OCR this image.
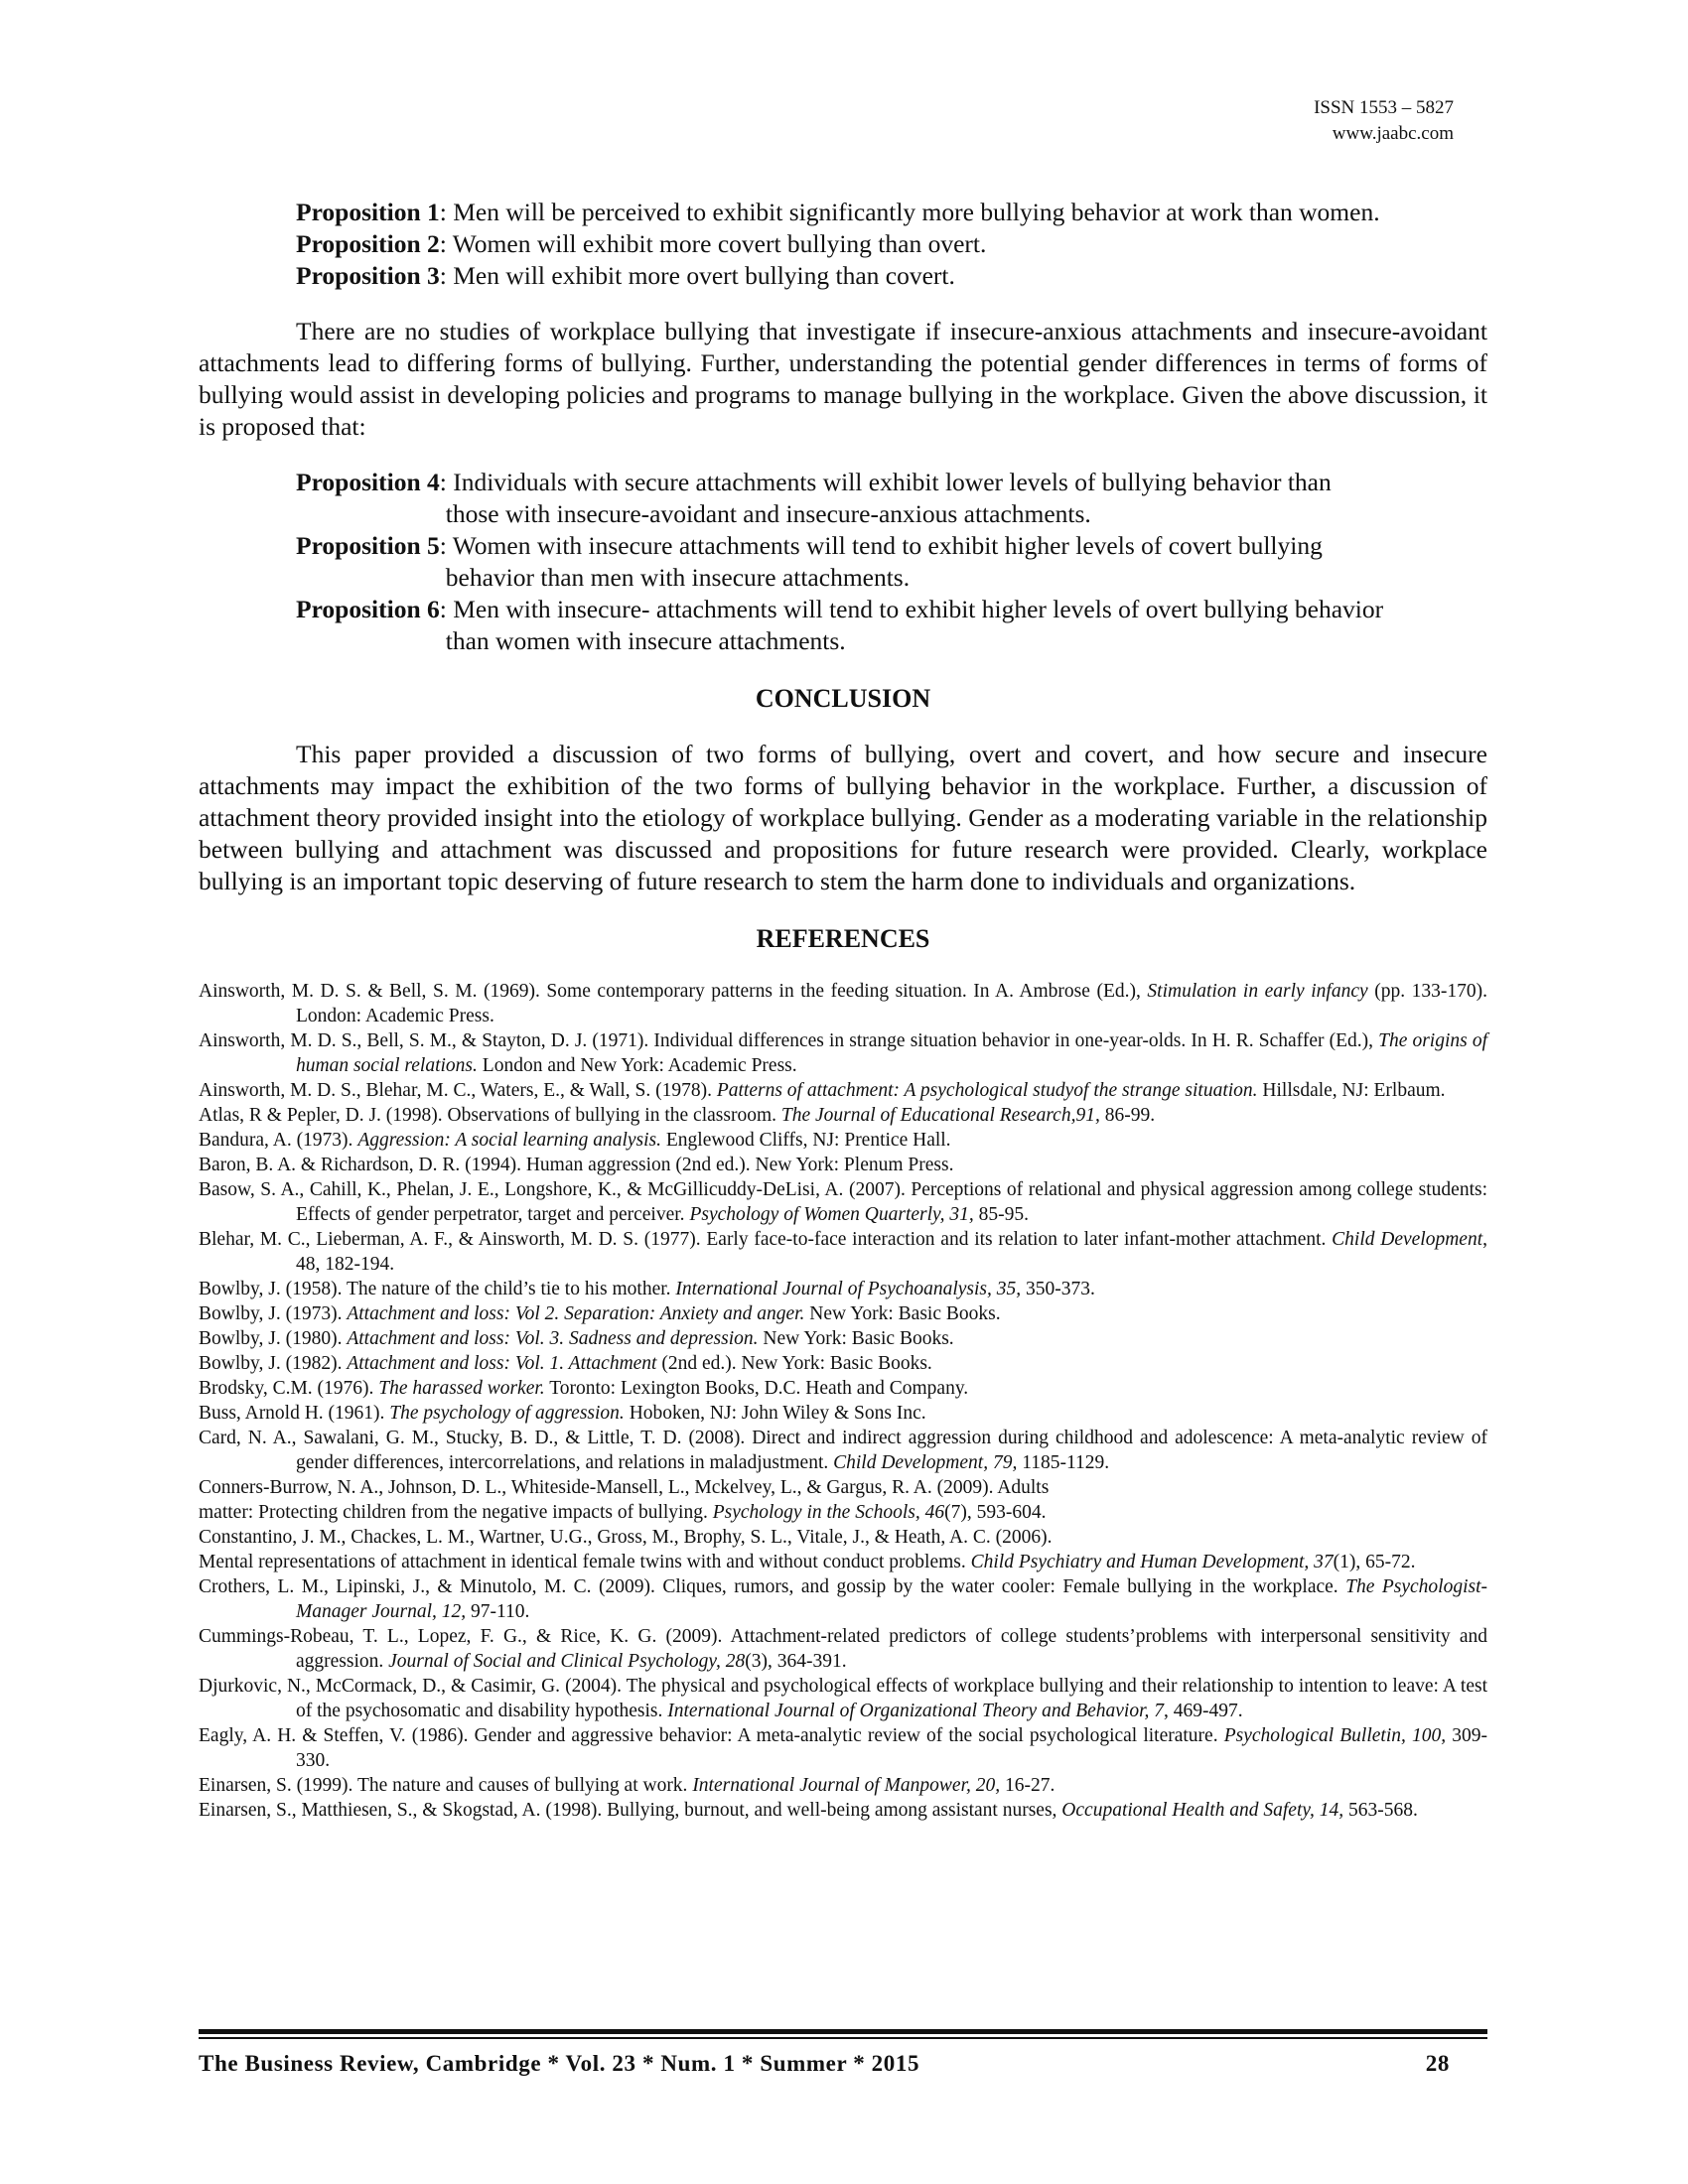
ISSN 1553 – 5827
www.jaabc.com
Proposition 1: Men will be perceived to exhibit significantly more bullying behavior at work than women.
Proposition 2: Women will exhibit more covert bullying than overt.
Proposition 3: Men will exhibit more overt bullying than covert.

There are no studies of workplace bullying that investigate if insecure-anxious attachments and insecure-avoidant attachments lead to differing forms of bullying. Further, understanding the potential gender differences in terms of forms of bullying would assist in developing policies and programs to manage bullying in the workplace. Given the above discussion, it is proposed that:

Proposition 4 : Individuals with secure attachments will exhibit lower levels of bullying behavior than
those with insecure-avoidant and insecure-anxious attachments.
Proposition 5 : Women with insecure attachments will tend to exhibit higher levels of covert bullying
behavior than men with insecure attachments.
Proposition 6 : Men with insecure- attachments will tend to exhibit higher levels of overt bullying behavior
than women with insecure attachments.
CONCLUSION

This paper provided a discussion of two forms of bullying, overt and covert, and how secure and insecure attachments may impact the exhibition of the two forms of bullying behavior in the workplace. Further, a discussion of attachment theory provided insight into the etiology of workplace bullying. Gender as a moderating variable in the relationship between bullying and attachment was discussed and propositions for future research were provided. Clearly, workplace bullying is an important topic deserving of future research to stem the harm done to individuals and organizations.

REFERENCES
Ainsworth, M. D. S. & Bell, S. M. (1969). Some contemporary patterns in the feeding situation. In A. Ambrose (Ed.), Stimulation in early infancy (pp. 133-170). London: Academic Press.
Ainsworth, M. D. S., Bell, S. M., & Stayton, D. J. (1971). Individual differences in strange situation behavior in one-year-olds. In H. R. Schaffer (Ed.), The origins of human social relations. London and New York: Academic Press.
Ainsworth, M. D. S., Blehar, M. C., Waters, E., & Wall, S. (1978). Patterns of attachment: A psychological studyof the strange situation. Hillsdale, NJ: Erlbaum.
Atlas, R & Pepler, D. J. (1998). Observations of bullying in the classroom. The Journal of Educational Research,91, 86-99.
Bandura, A. (1973). Aggression: A social learning analysis. Englewood Cliffs, NJ: Prentice Hall.
Baron, B. A. & Richardson, D. R. (1994). Human aggression (2nd ed.). New York: Plenum Press.
Basow, S. A., Cahill, K., Phelan, J. E., Longshore, K., & McGillicuddy-DeLisi, A. (2007). Perceptions of relational and physical aggression among college students: Effects of gender perpetrator, target and perceiver. Psychology of Women Quarterly, 31, 85-95.
Blehar, M. C., Lieberman, A. F., & Ainsworth, M. D. S. (1977). Early face-to-face interaction and its relation to later infant-mother attachment. Child Development, 48, 182-194.
Bowlby, J. (1958). The nature of the child’s tie to his mother. International Journal of Psychoanalysis, 35, 350-373.
Bowlby, J. (1973). Attachment and loss: Vol 2. Separation: Anxiety and anger. New York: Basic Books.
Bowlby, J. (1980). Attachment and loss: Vol. 3. Sadness and depression. New York: Basic Books.
Bowlby, J. (1982). Attachment and loss: Vol. 1. Attachment (2nd ed.). New York: Basic Books.
Brodsky, C.M. (1976). The harassed worker. Toronto: Lexington Books, D.C. Heath and Company.
Buss, Arnold H. (1961). The psychology of aggression. Hoboken, NJ: John Wiley & Sons Inc.
Card, N. A., Sawalani, G. M., Stucky, B. D., & Little, T. D. (2008). Direct and indirect aggression during childhood and adolescence: A meta-analytic review of gender differences, intercorrelations, and relations in maladjustment. Child Development, 79, 1185-1129.
Conners-Burrow, N. A., Johnson, D. L., Whiteside-Mansell, L., Mckelvey, L., & Gargus, R. A. (2009). Adults
matter: Protecting children from the negative impacts of bullying. Psychology in the Schools, 46(7), 593-604.
Constantino, J. M., Chackes, L. M., Wartner, U.G., Gross, M., Brophy, S. L., Vitale, J., & Heath, A. C. (2006).
Mental representations of attachment in identical female twins with and without conduct problems. Child Psychiatry and Human Development, 37(1), 65-72.
Crothers, L. M., Lipinski, J., & Minutolo, M. C. (2009). Cliques, rumors, and gossip by the water cooler: Female bullying in the workplace. The Psychologist-Manager Journal, 12, 97-110.
Cummings-Robeau, T. L., Lopez, F. G., & Rice, K. G. (2009). Attachment-related predictors of college students’problems with interpersonal sensitivity and aggression. Journal of Social and Clinical Psychology, 28(3), 364-391.
Djurkovic, N., McCormack, D., & Casimir, G. (2004). The physical and psychological effects of workplace bullying and their relationship to intention to leave: A test of the psychosomatic and disability hypothesis. International Journal of Organizational Theory and Behavior, 7, 469-497.
Eagly, A. H. & Steffen, V. (1986). Gender and aggressive behavior: A meta-analytic review of the social psychological literature. Psychological Bulletin, 100, 309-330.
Einarsen, S. (1999). The nature and causes of bullying at work. International Journal of Manpower, 20, 16-27.
Einarsen, S., Matthiesen, S., & Skogstad, A. (1998). Bullying, burnout, and well-being among assistant nurses, Occupational Health and Safety, 14, 563-568.
The Business Review, Cambridge * Vol. 23 * Num. 1 * Summer * 2015	28
